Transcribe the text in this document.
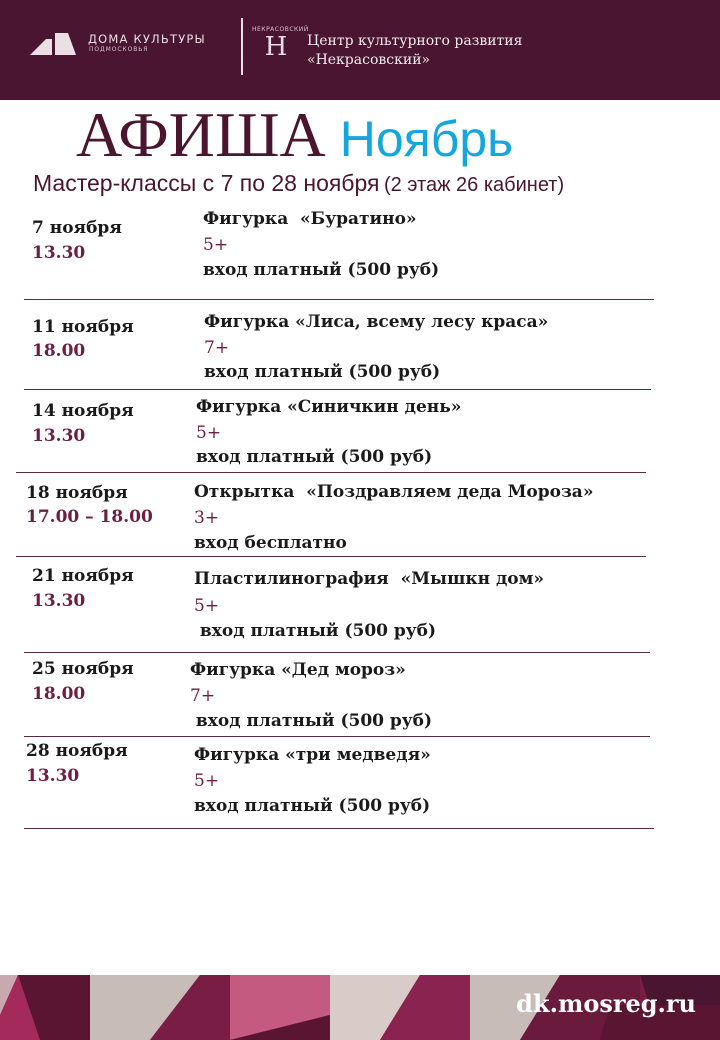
ДОМА КУЛЬТУРЫ
ПОДМОСКОВЬЯ
НЕКРАСОВСКИЙ
Н	Центр культурного развития
«Некрасовский»
АФИША Ноябрь
Мастер-классы с 7 по 28 ноября (2 этаж 26 кабинет)
7 ноября
13.30
Фигурка  «Буратино»
5+
вход платный (500 руб)
11 ноября
18.00
Фигурка «Лиса, всему лесу краса»
7+
вход платный (500 руб)
14 ноября
13.30
Фигурка «Синичкин день»
5+
вход платный (500 руб)
18 ноября
17.00 – 18.00
Открытка  «Поздравляем деда Мороза»
3+
вход бесплатно
21 ноября
13.30
Пластилинография  «Мышкн дом»
5+
вход платный (500 руб)
25 ноября
18.00
Фигурка «Дед мороз»
7+
вход платный (500 руб)
28 ноября
13.30
Фигурка «три медведя»
5+
вход платный (500 руб)
dk.mosreg.ru
